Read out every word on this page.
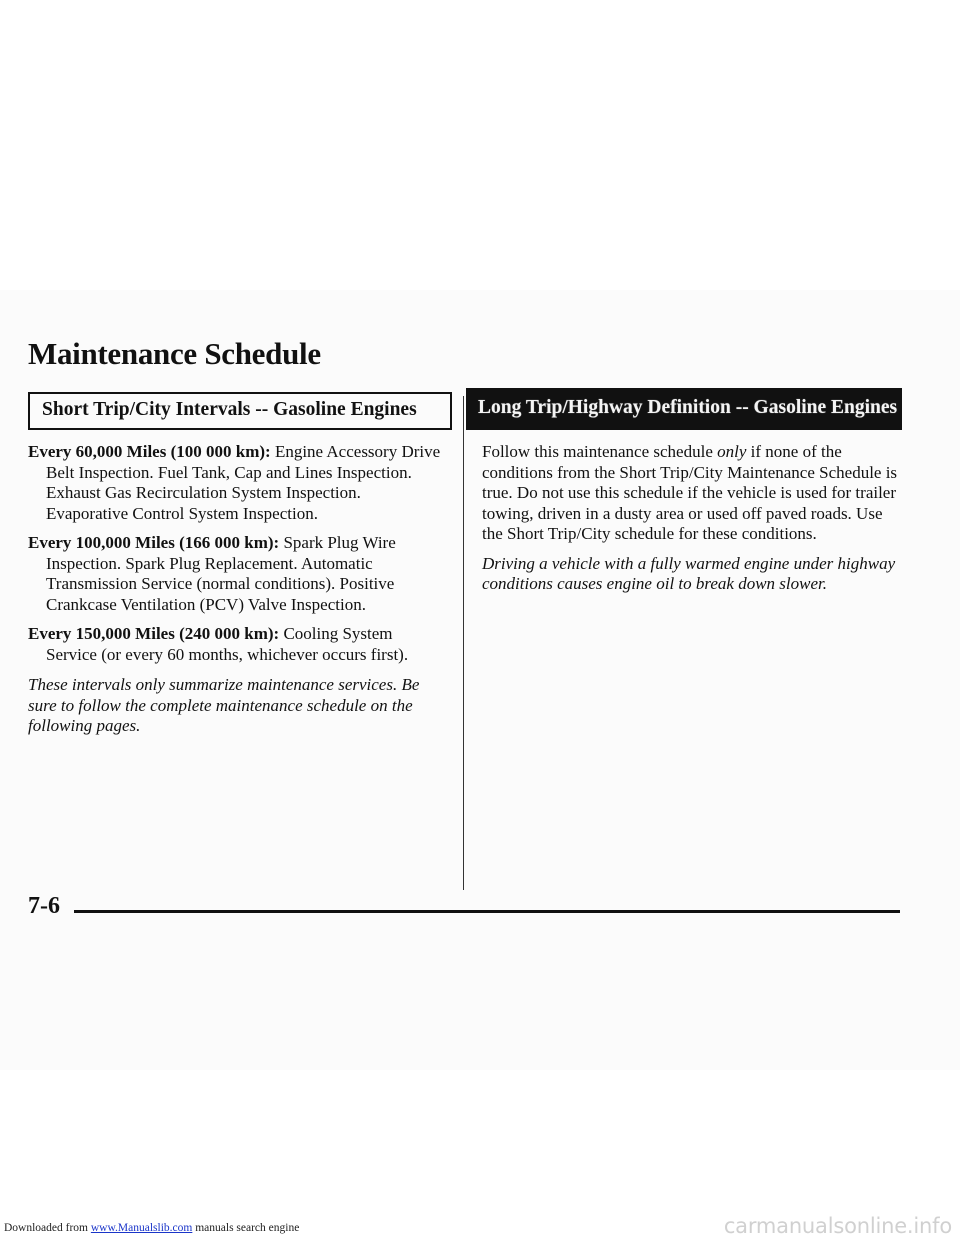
Maintenance Schedule
Short Trip/City Intervals -- Gasoline Engines	Long Trip/Highway Definition -- Gasoline Engines

Every 60,000 Miles (100 000 km): Engine Accessory Drive Belt Inspection. Fuel Tank, Cap and Lines Inspection. Exhaust Gas Recirculation System Inspection. Evaporative Control System Inspection.

Every 100,000 Miles (166 000 km): Spark Plug Wire Inspection. Spark Plug Replacement. Automatic Transmission Service (normal conditions). Positive Crankcase Ventilation (PCV) Valve Inspection.

Every 150,000 Miles (240 000 km): Cooling System Service (or every 60 months, whichever occurs first).

These intervals only summarize maintenance services. Be sure to follow the complete maintenance schedule on the following pages.

Follow this maintenance schedule only if none of the conditions from the Short Trip/City Maintenance Schedule is true. Do not use this schedule if the vehicle is used for trailer towing, driven in a dusty area or used off paved roads. Use the Short Trip/City schedule for these conditions.

Driving a vehicle with a fully warmed engine under highway conditions causes engine oil to break down slower.

7-6
Downloaded from www.Manualslib.com manuals search engine	carmanualsonline.info
